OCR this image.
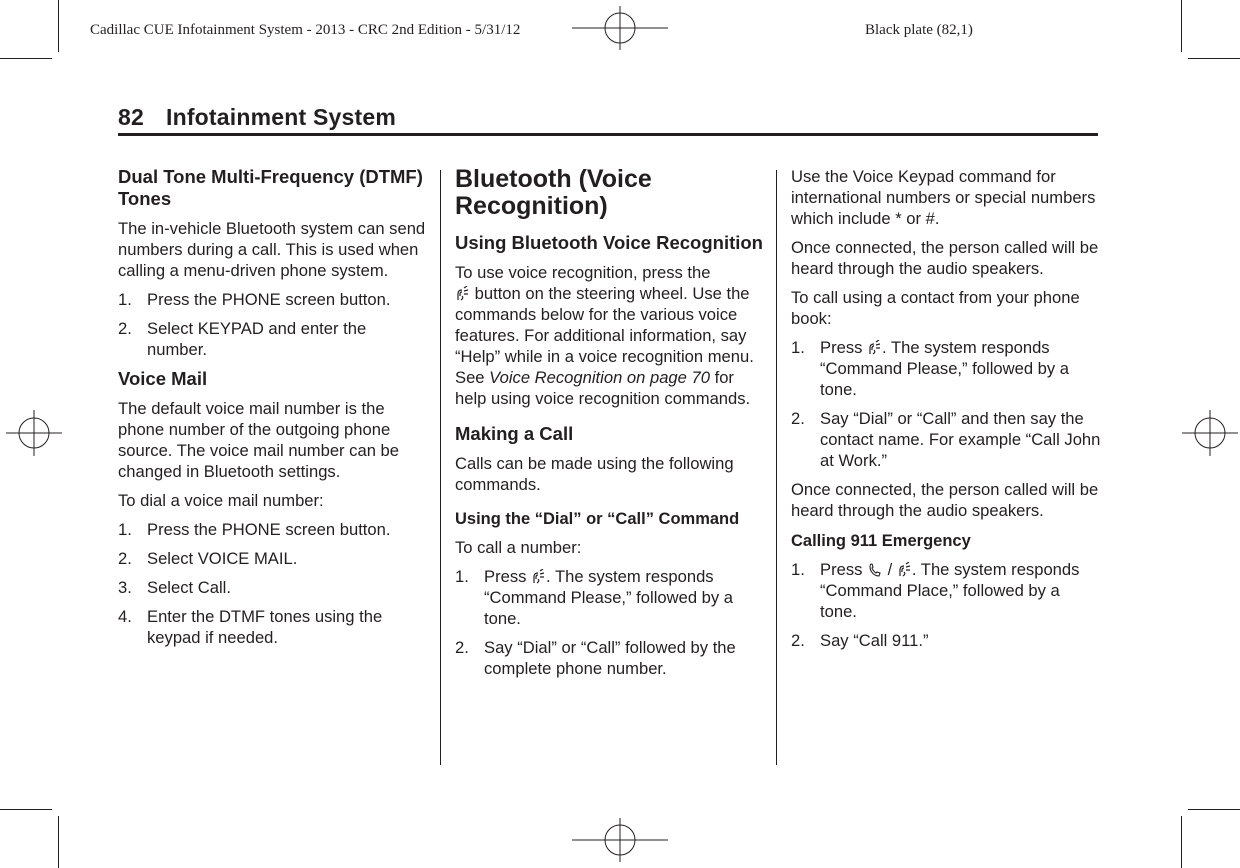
Cadillac CUE Infotainment System - 2013 - CRC 2nd Edition - 5/31/12	Black plate (82,1)
82 Infotainment System
Dual Tone Multi-Frequency (DTMF) Tones

The in-vehicle Bluetooth system can send numbers during a call. This is used when calling a menu-driven phone system.

1. Press the PHONE screen button.
2. Select KEYPAD and enter the number.
Voice Mail

The default voice mail number is the phone number of the outgoing phone source. The voice mail number can be changed in Bluetooth settings.

To dial a voice mail number:

1. Press the PHONE screen button.
2. Select VOICE MAIL.
3. Select Call.
4. Enter the DTMF tones using the keypad if needed.
Bluetooth (Voice Recognition)
Using Bluetooth Voice Recognition

To use voice recognition, press the
button on the steering wheel. Use the commands below for the various voice features. For additional information, say “Help” while in a voice recognition menu. See Voice Recognition on page 70 for help using voice recognition commands.

Making a Call

Calls can be made using the following commands.

Using the “Dial” or “Call” Command

To call a number:

1. Press . The system responds “Command Please,” followed by a tone.
2. Say “Dial” or “Call” followed by the complete phone number.

Use the Voice Keypad command for international numbers or special numbers which include * or #.

Once connected, the person called will be heard through the audio speakers.

To call using a contact from your phone book:

1. Press . The system responds “Command Please,” followed by a tone.
2. Say “Dial” or “Call” and then say the contact name. For example “Call John at Work.”

Once connected, the person called will be heard through the audio speakers.

Calling 911 Emergency
1. Press  / . The system responds “Command Place,” followed by a tone.
2. Say “Call 911.”
